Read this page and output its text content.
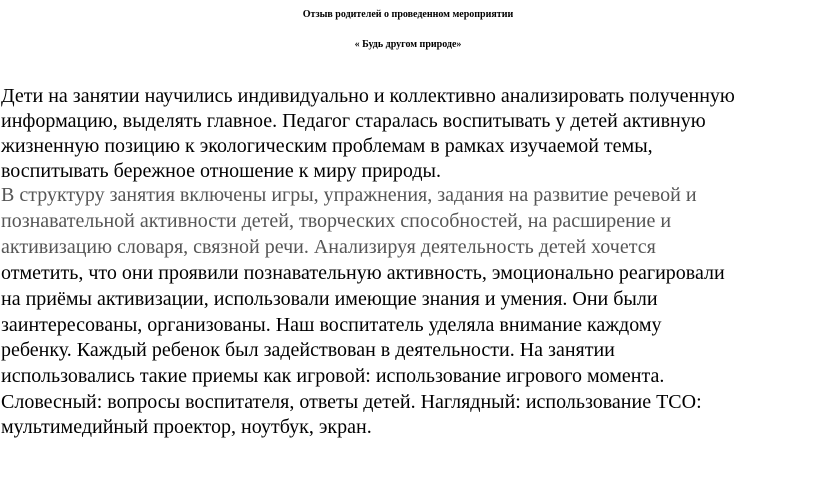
Отзыв родителей о проведенном мероприятии
« Будь другом природе»

Дети на занятии научились индивидуально и коллективно анализировать полученную

информацию, выделять главное. Педагог старалась воспитывать у детей активную

жизненную позицию к экологическим проблемам в рамках изучаемой темы,

воспитывать бережное отношение к миру природы.

В структуру занятия включены игры, упражнения, задания на развитие речевой и

познавательной активности детей, творческих способностей, на расширение и

активизацию словаря, связной речи. Анализируя деятельность детей хочется

отметить, что они проявили познавательную активность, эмоционально реагировали

на приёмы активизации, использовали имеющие знания и умения. Они были

заинтересованы, организованы. Наш воспитатель уделяла внимание каждому

ребенку. Каждый ребенок был задействован в деятельности. На занятии

использовались такие приемы как игровой: использование игрового момента.

Словесный: вопросы воспитателя, ответы детей. Наглядный: использование ТСО:

мультимедийный проектор, ноутбук, экран.
